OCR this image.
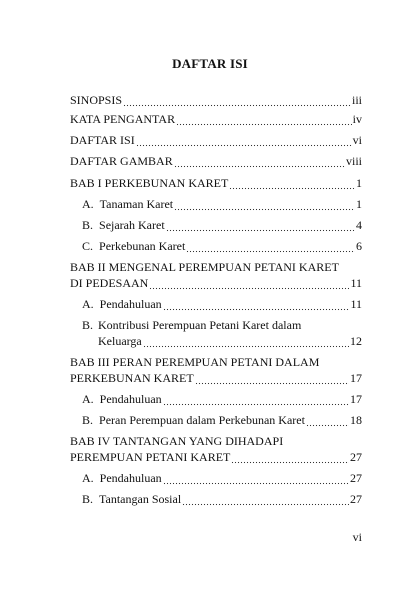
DAFTAR ISI
SINOPSIS	iii
KATA PENGANTAR	iv
DAFTAR ISI	vi
DAFTAR GAMBAR	viii
BAB I PERKEBUNAN KARET	1
A. Tanaman Karet	1
B. Sejarah Karet	4
C. Perkebunan Karet	6
BAB II MENGENAL PEREMPUAN PETANI KARET
DI PEDESAAN	11
A. Pendahuluan	11
B. Kontribusi Perempuan Petani Karet dalam
Keluarga	12
BAB III PERAN PEREMPUAN PETANI DALAM
PERKEBUNAN KARET	17
A. Pendahuluan	17
B. Peran Perempuan dalam Perkebunan Karet	18
BAB IV TANTANGAN YANG DIHADAPI
PEREMPUAN PETANI KARET	27
A. Pendahuluan	27
B. Tantangan Sosial	27
vi
